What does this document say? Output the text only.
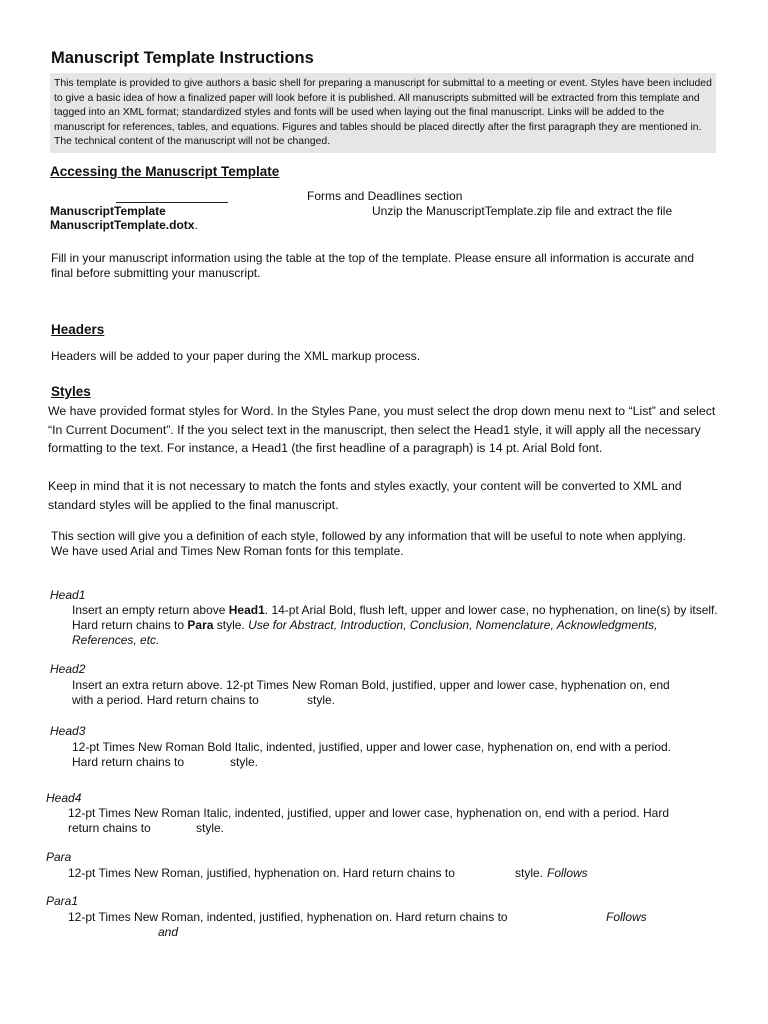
Manuscript Template Instructions
This template is provided to give authors a basic shell for preparing a manuscript for submittal to a meeting or event. Styles have been included to give a basic idea of how a finalized paper will look before it is published. All manuscripts submitted will be extracted from this template and tagged into an XML format; standardized styles and fonts will be used when laying out the final manuscript. Links will be added to the manuscript for references, tables, and equations. Figures and tables should be placed directly after the first paragraph they are mentioned in. The technical content of the manuscript will not be changed.
Accessing the Manuscript Template
Forms and Deadlines section
ManuscriptTemplate	Unzip the ManuscriptTemplate.zip file and extract the file
ManuscriptTemplate.dotx.
Fill in your manuscript information using the table at the top of the template. Please ensure all information is accurate and final before submitting your manuscript.
Headers
Headers will be added to your paper during the XML markup process.
Styles
We have provided format styles for Word. In the Styles Pane, you must select the drop down menu next to “List” and select “In Current Document”. If the you select text in the manuscript, then select the Head1 style, it will apply all the necessary formatting to the text. For instance, a Head1 (the first headline of a paragraph) is 14 pt. Arial Bold font.
Keep in mind that it is not necessary to match the fonts and styles exactly, your content will be converted to XML and standard styles will be applied to the final manuscript.
This section will give you a definition of each style, followed by any information that will be useful to note when applying. We have used Arial and Times New Roman fonts for this template.
Head1
Insert an empty return above Head1. 14-pt Arial Bold, flush left, upper and lower case, no hyphenation, on line(s) by itself. Hard return chains to Para style. Use for Abstract, Introduction, Conclusion, Nomenclature, Acknowledgments, References, etc.
Head2
Insert an extra return above. 12-pt Times New Roman Bold, justified, upper and lower case, hyphenation on, end
with a period. Hard return chains to	style.
Head3
12-pt Times New Roman Bold Italic, indented, justified, upper and lower case, hyphenation on, end with a period.
Hard return chains to	style.
Head4
12-pt Times New Roman Italic, indented, justified, upper and lower case, hyphenation on, end with a period. Hard
return chains to	style.
Para
12-pt Times New Roman, justified, hyphenation on. Hard return chains to	style. Follows
Para1
12-pt Times New Roman, indented, justified, hyphenation on. Hard return chains to	Follows
and
